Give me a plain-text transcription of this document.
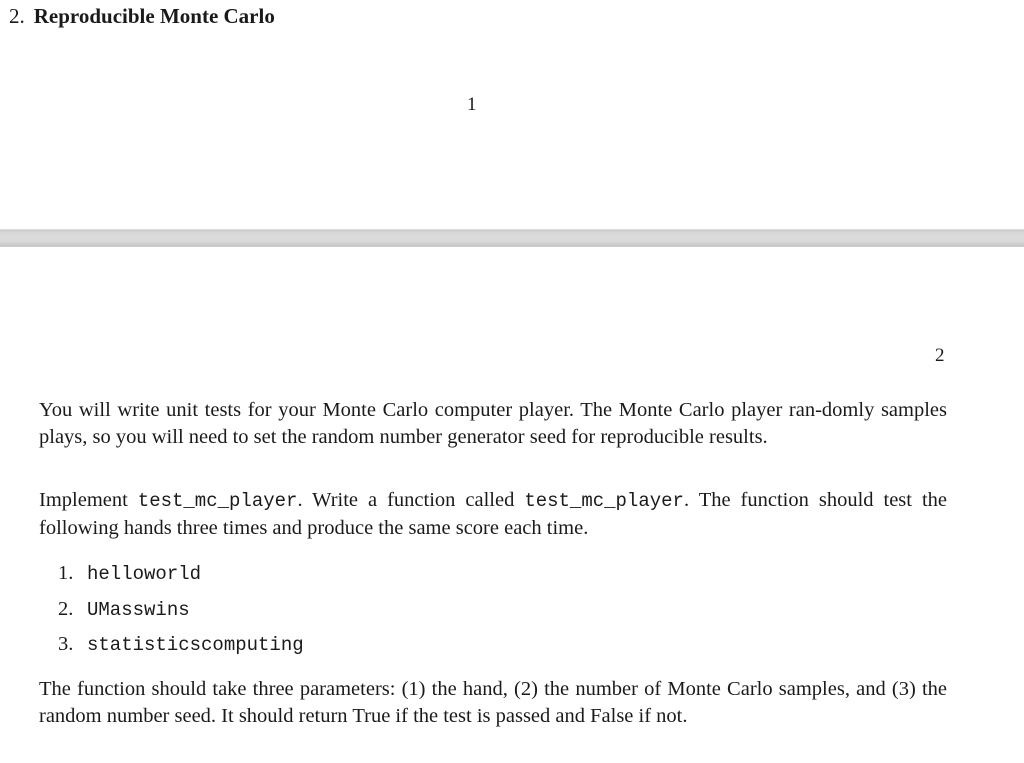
2. Reproducible Monte Carlo
1
2

You will write unit tests for your Monte Carlo computer player. The Monte Carlo player ran-domly samples plays, so you will need to set the random number generator seed for reproducible results.

Implement test_mc_player. Write a function called test_mc_player. The function should test the following hands three times and produce the same score each time.

1. helloworld
2. UMasswins
3. statisticscomputing

The function should take three parameters: (1) the hand, (2) the number of Monte Carlo samples, and (3) the random number seed. It should return True if the test is passed and False if not.
